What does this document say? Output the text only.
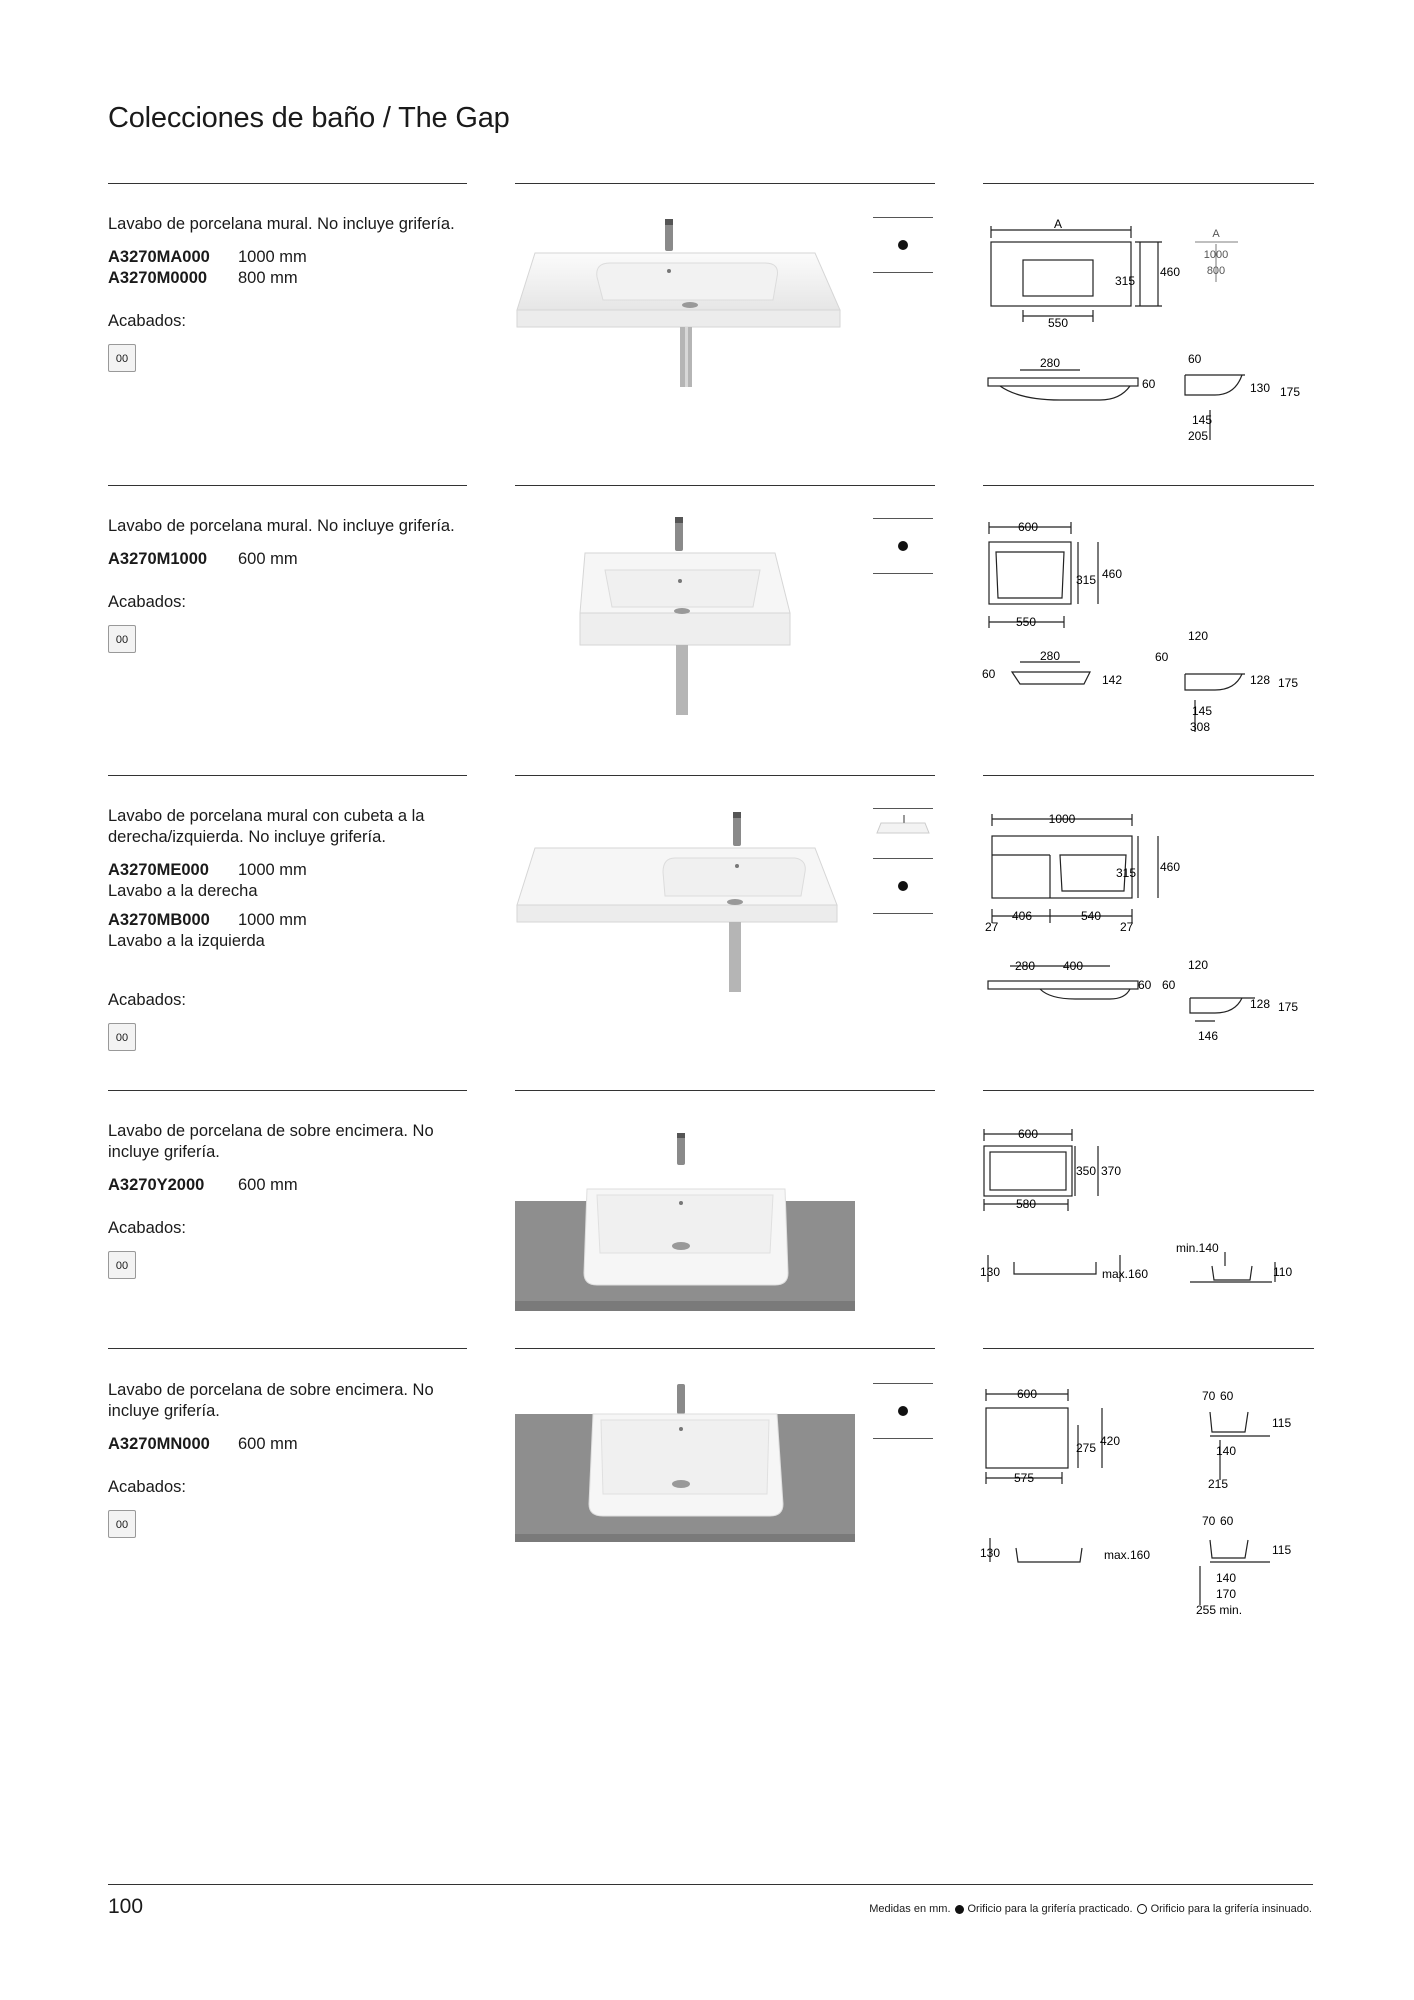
Colecciones de baño / The Gap

Lavabo de porcelana mural. No incluye grifería.

A3270MA000 1000 mm

A3270M0000 800 mm

Acabados:
00
A
315
460
550
A
1000
800
280
60
60
130 175
145
205

Lavabo de porcelana mural. No incluye grifería.

A3270M1000 600 mm

Acabados:
00
600
315 460
550
280
60	142
120
60
128 175
145
308

Lavabo de porcelana mural con cubeta a la derecha/izquierda. No incluye grifería.

A3270ME000 1000 mm

Lavabo a la derecha

A3270MB000 1000 mm

Lavabo a la izquierda

Acabados:
00
1000
315 460
27
406	540
27
280 400
60
120
60
128 175
146

Lavabo de porcelana de sobre encimera. No incluye grifería.

A3270Y2000 600 mm

Acabados:
00
600
350 370
580
130	max.160
min.140
110

Lavabo de porcelana de sobre encimera. No incluye grifería.

A3270MN000 600 mm

Acabados:
00
600
275 420
575
70 60
115
140
215
130	max.160
70 60
115
140
170
255 min.
100	Medidas en mm. Orificio para la grifería practicado. Orificio para la grifería insinuado.
